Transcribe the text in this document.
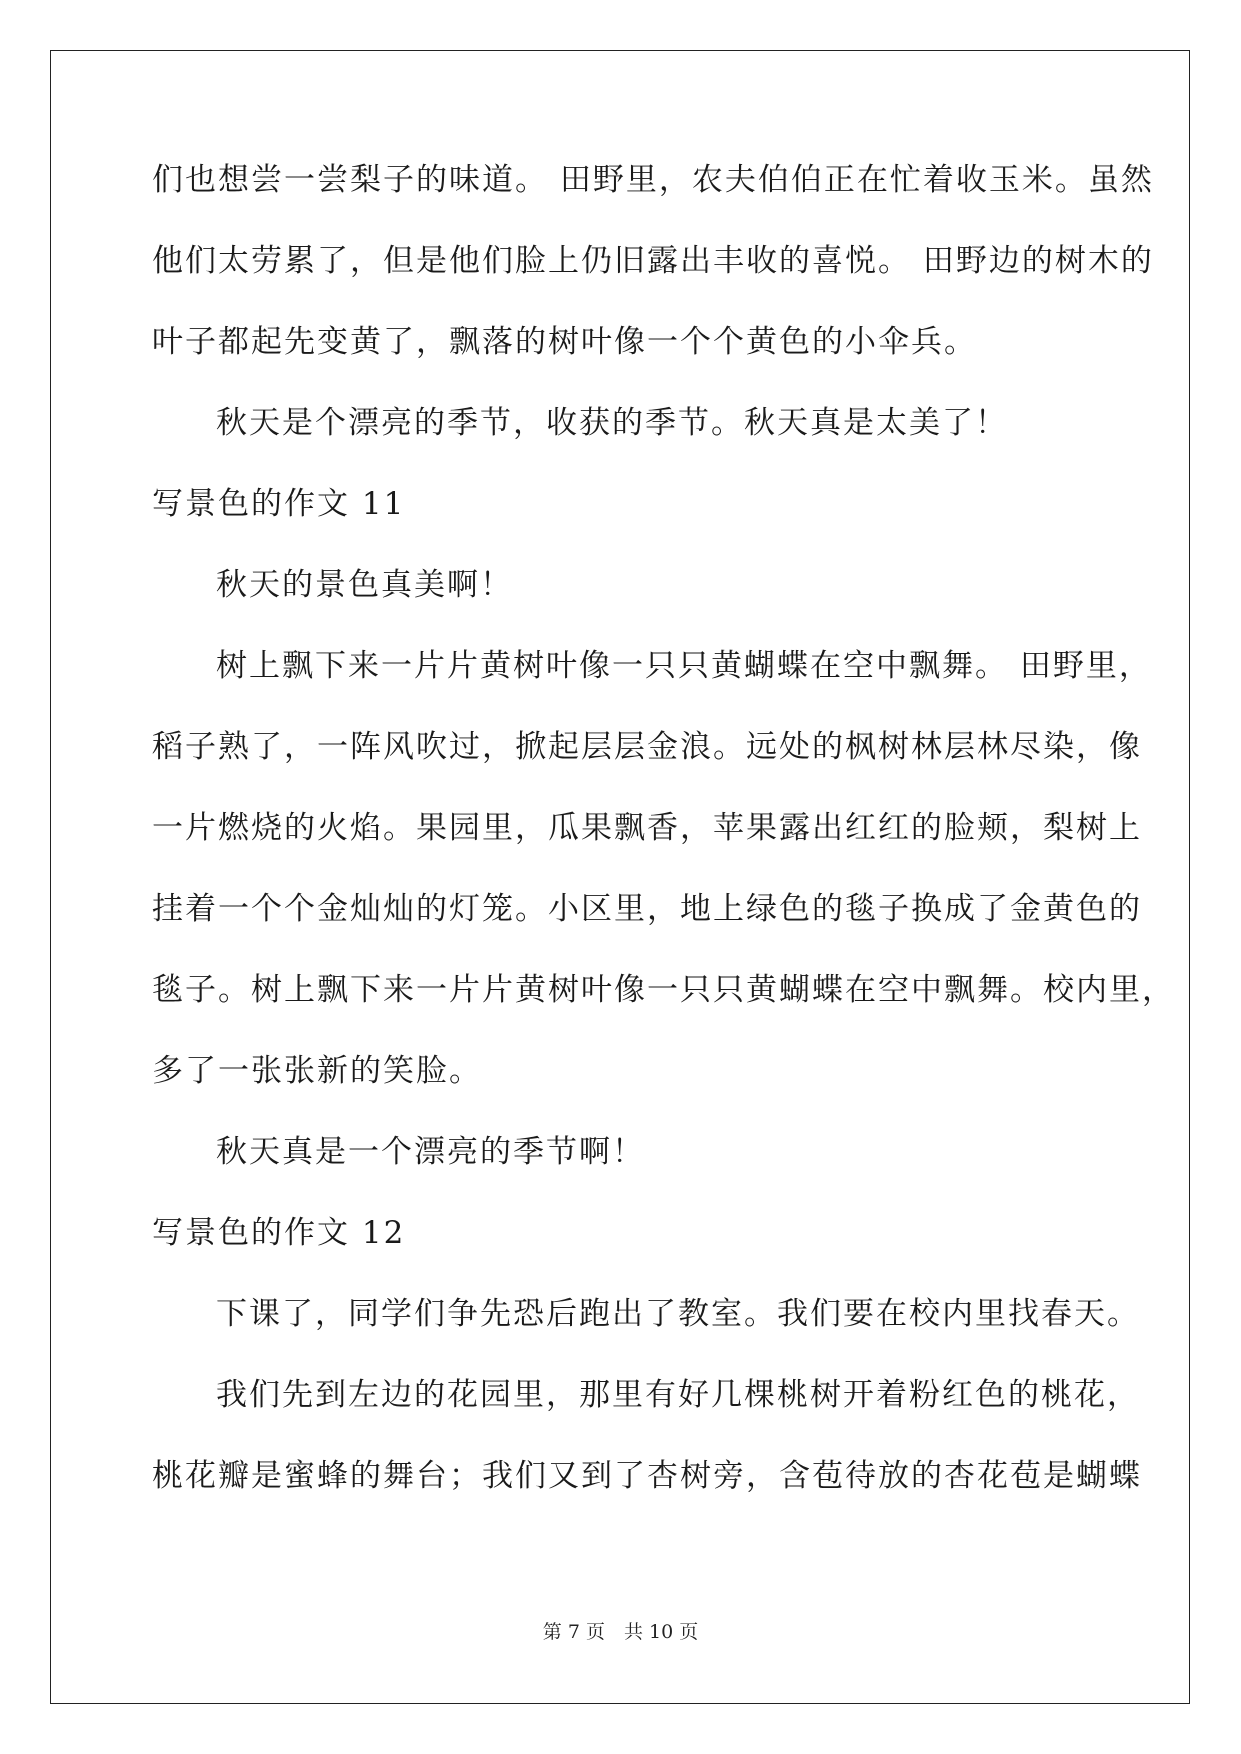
们也想尝一尝梨子的味道。 田野里，农夫伯伯正在忙着收玉米。虽然
他们太劳累了，但是他们脸上仍旧露出丰收的喜悦。 田野边的树木的
叶子都起先变黄了，飘落的树叶像一个个黄色的小伞兵。
秋天是个漂亮的季节，收获的季节。秋天真是太美了！
写景色的作文 11
秋天的景色真美啊！
树上飘下来一片片黄树叶像一只只黄蝴蝶在空中飘舞。 田野里，
稻子熟了，一阵风吹过，掀起层层金浪。远处的枫树林层林尽染，像
一片燃烧的火焰。果园里，瓜果飘香，苹果露出红红的脸颊，梨树上
挂着一个个金灿灿的灯笼。小区里，地上绿色的毯子换成了金黄色的
毯子。树上飘下来一片片黄树叶像一只只黄蝴蝶在空中飘舞。校内里，
多了一张张新的笑脸。
秋天真是一个漂亮的季节啊！
写景色的作文 12
下课了，同学们争先恐后跑出了教室。我们要在校内里找春天。
我们先到左边的花园里，那里有好几棵桃树开着粉红色的桃花，
桃花瓣是蜜蜂的舞台；我们又到了杏树旁，含苞待放的杏花苞是蝴蝶
第 7 页　共 10 页
